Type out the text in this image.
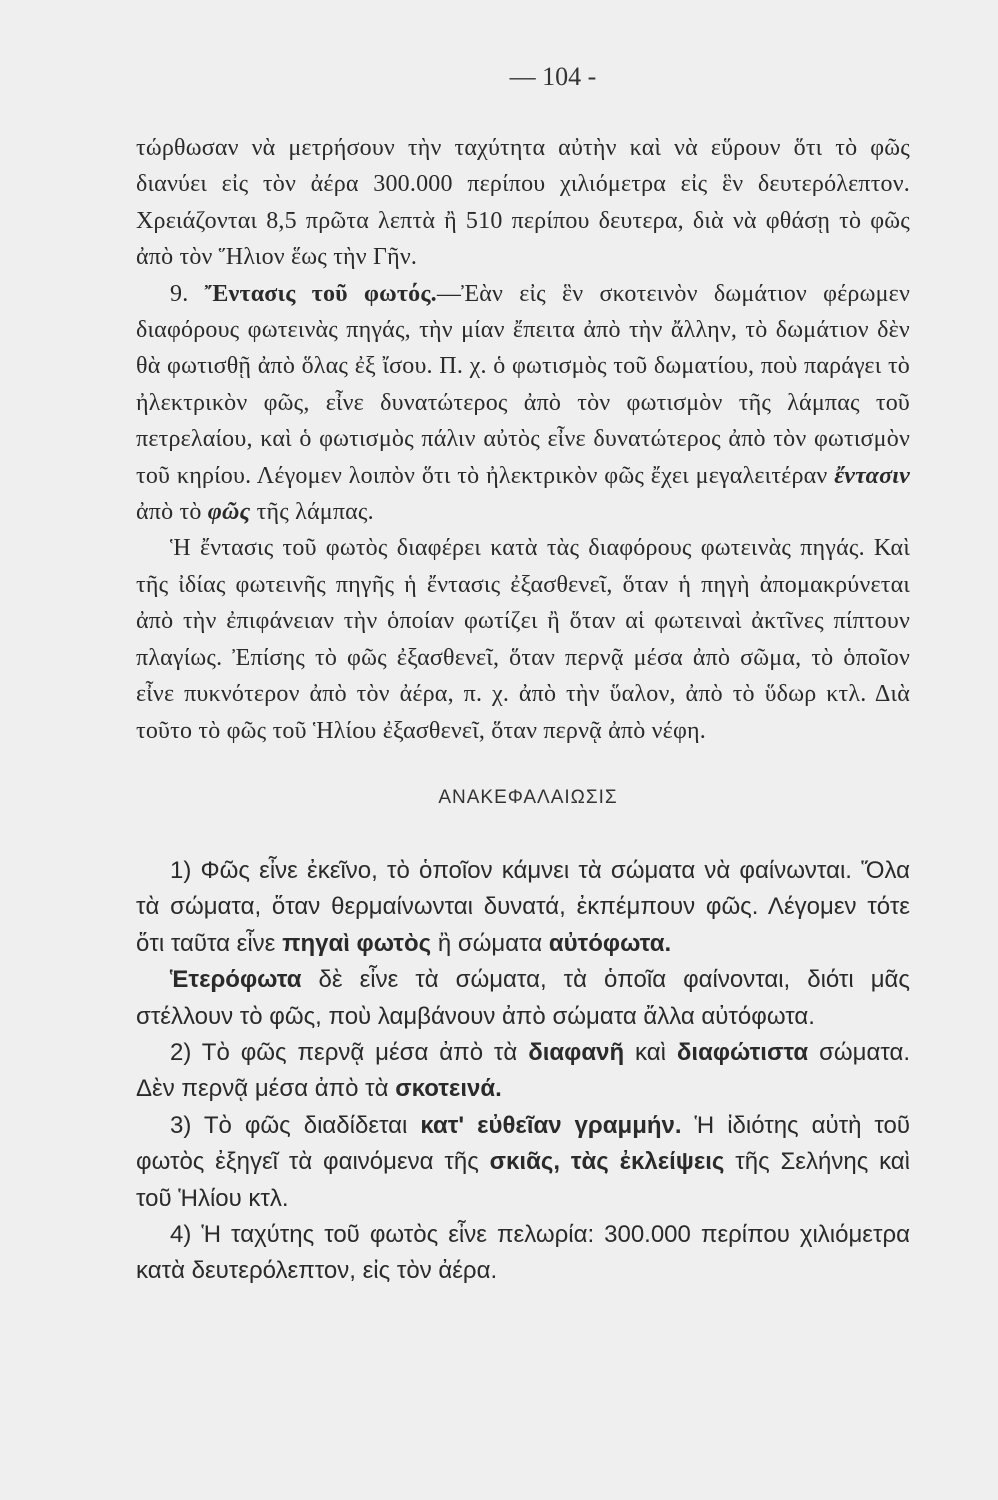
— 104 -

τώρθωσαν νὰ μετρήσουν τὴν ταχύτητα αὐτὴν καὶ νὰ εὕρουν ὅτι τὸ φῶς διανύει εἰς τὸν ἀέρα 300.000 περίπου χιλιόμετρα εἰς ἓν δευτερόλεπτον. Χρειάζονται 8,5 πρῶτα λεπτὰ ἢ 510 περίπου δευτερα, διὰ νὰ φθάσῃ τὸ φῶς ἀπὸ τὸν Ἥλιον ἕως τὴν Γῆν.

9. Ἔντασις τοῦ φωτός.—Ἐὰν εἰς ἓν σκοτεινὸν δωμάτιον φέρωμεν διαφόρους φωτεινὰς πηγάς, τὴν μίαν ἔπειτα ἀπὸ τὴν ἄλλην, τὸ δωμάτιον δὲν θὰ φωτισθῇ ἀπὸ ὅλας ἐξ ἴσου. Π. χ. ὁ φωτισμὸς τοῦ δωματίου, ποὺ παράγει τὸ ἠλεκτρικὸν φῶς, εἶνε δυνατώτερος ἀπὸ τὸν φωτισμὸν τῆς λάμπας τοῦ πετρελαίου, καὶ ὁ φωτισμὸς πάλιν αὐτὸς εἶνε δυνατώτερος ἀπὸ τὸν φωτισμὸν τοῦ κηρίου. Λέγομεν λοιπὸν ὅτι τὸ ἠλεκτρικὸν φῶς ἔχει μεγαλειτέραν ἔντασιν ἀπὸ τὸ φῶς τῆς λάμπας.

Ἡ ἔντασις τοῦ φωτὸς διαφέρει κατὰ τὰς διαφόρους φωτεινὰς πηγάς. Καὶ τῆς ἰδίας φωτεινῆς πηγῆς ἡ ἔντασις ἐξασθενεῖ, ὅταν ἡ πηγὴ ἀπομακρύνεται ἀπὸ τὴν ἐπιφάνειαν τὴν ὁποίαν φωτίζει ἢ ὅταν αἱ φωτειναὶ ἀκτῖνες πίπτουν πλαγίως. Ἐπίσης τὸ φῶς ἐξασθενεῖ, ὅταν περνᾷ μέσα ἀπὸ σῶμα, τὸ ὁποῖον εἶνε πυκνότερον ἀπὸ τὸν ἀέρα, π. χ. ἀπὸ τὴν ὕαλον, ἀπὸ τὸ ὕδωρ κτλ. Διὰ τοῦτο τὸ φῶς τοῦ Ἡλίου ἐξασθενεῖ, ὅταν περνᾷ ἀπὸ νέφη.

ΑΝΑΚΕΦΑΛΑΙΩΣΙΣ

1) Φῶς εἶνε ἐκεῖνο, τὸ ὁποῖον κάμνει τὰ σώματα νὰ φαίνωνται. Ὅλα τὰ σώματα, ὅταν θερμαίνωνται δυνατά, ἐκπέμπουν φῶς. Λέγομεν τότε ὅτι ταῦτα εἶνε πηγαὶ φωτὸς ἢ σώματα αὐτόφωτα.

Ἑτερόφωτα δὲ εἶνε τὰ σώματα, τὰ ὁποῖα φαίνονται, διότι μᾶς στέλλουν τὸ φῶς, ποὺ λαμβάνουν ἀπὸ σώματα ἄλλα αὐτόφωτα.

2) Τὸ φῶς περνᾷ μέσα ἀπὸ τὰ διαφανῆ καὶ διαφώτιστα σώματα. Δὲν περνᾷ μέσα ἀπὸ τὰ σκοτεινά.

3) Τὸ φῶς διαδίδεται κατ' εὐθεῖαν γραμμήν. Ἡ ἰδιότης αὐτὴ τοῦ φωτὸς ἐξηγεῖ τὰ φαινόμενα τῆς σκιᾶς, τὰς ἐκλείψεις τῆς Σελήνης καὶ τοῦ Ἡλίου κτλ.

4) Ἡ ταχύτης τοῦ φωτὸς εἶνε πελωρία: 300.000 περίπου χιλιόμετρα κατὰ δευτερόλεπτον, εἰς τὸν ἀέρα.
